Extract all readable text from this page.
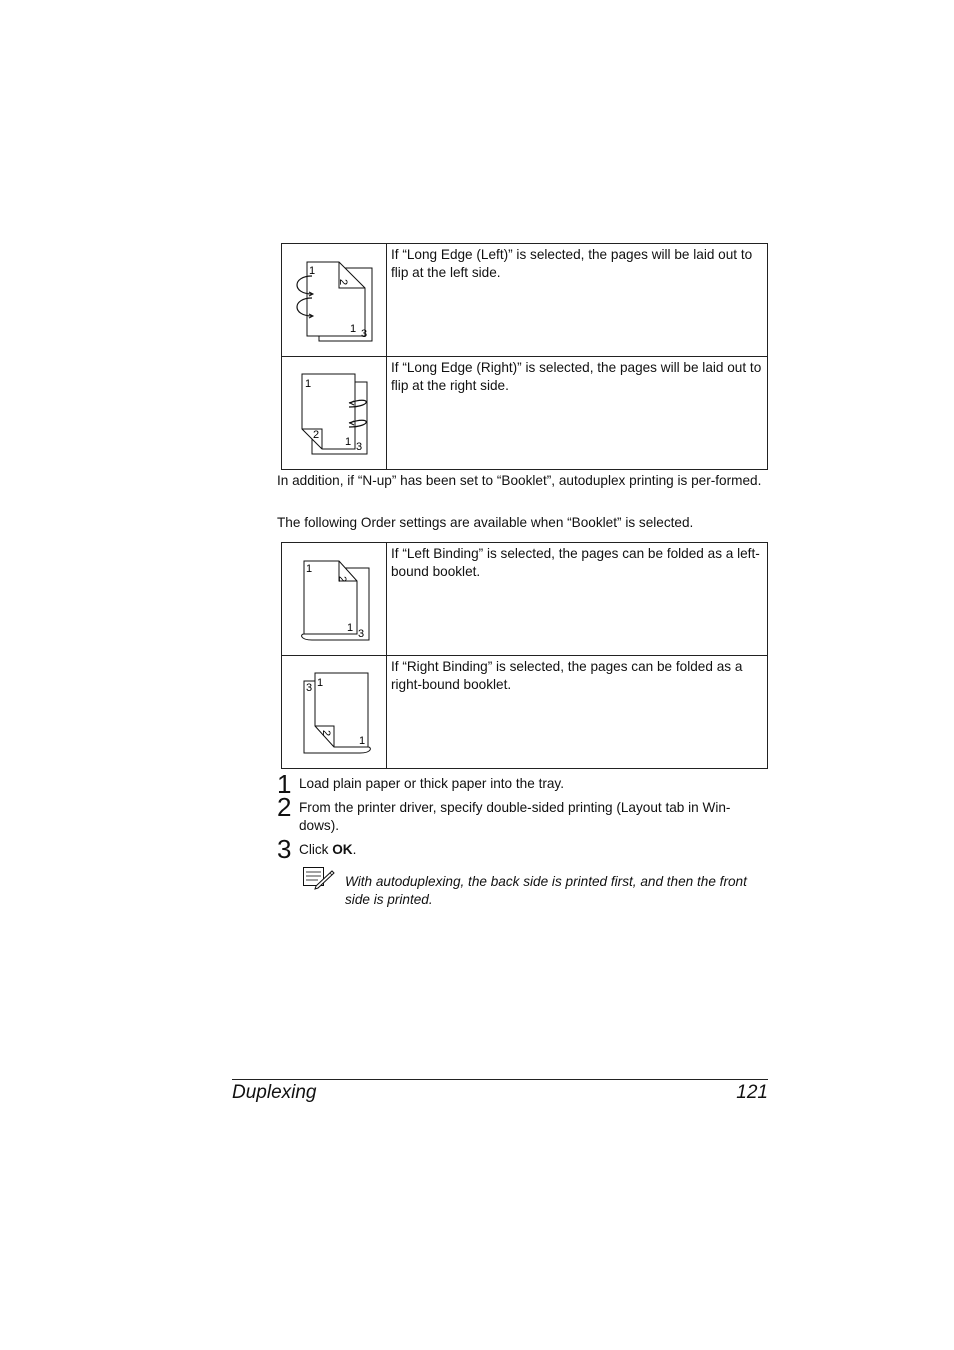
1
2
1 3	If “Long Edge (Left)” is selected, the pages will be laid out to flip at the left side.

1
2
1 3	If “Long Edge (Right)” is selected, the pages will be laid out to flip at the right side.

In addition, if “N-up” has been set to “Booklet”, autoduplex printing is per-formed.

The following Order settings are available when “Booklet” is selected.

1
2
1 3	If “Left Binding” is selected, the pages can be folded as a left-bound booklet.

3 1
2
1	If “Right Binding” is selected, the pages can be folded as a right-bound booklet.
1 Load plain paper or thick paper into the tray.
2 From the printer driver, specify double-sided printing (Layout tab in Win-dows).
3 Click OK.
With autoduplexing, the back side is printed first, and then the front side is printed.
Duplexing	121
